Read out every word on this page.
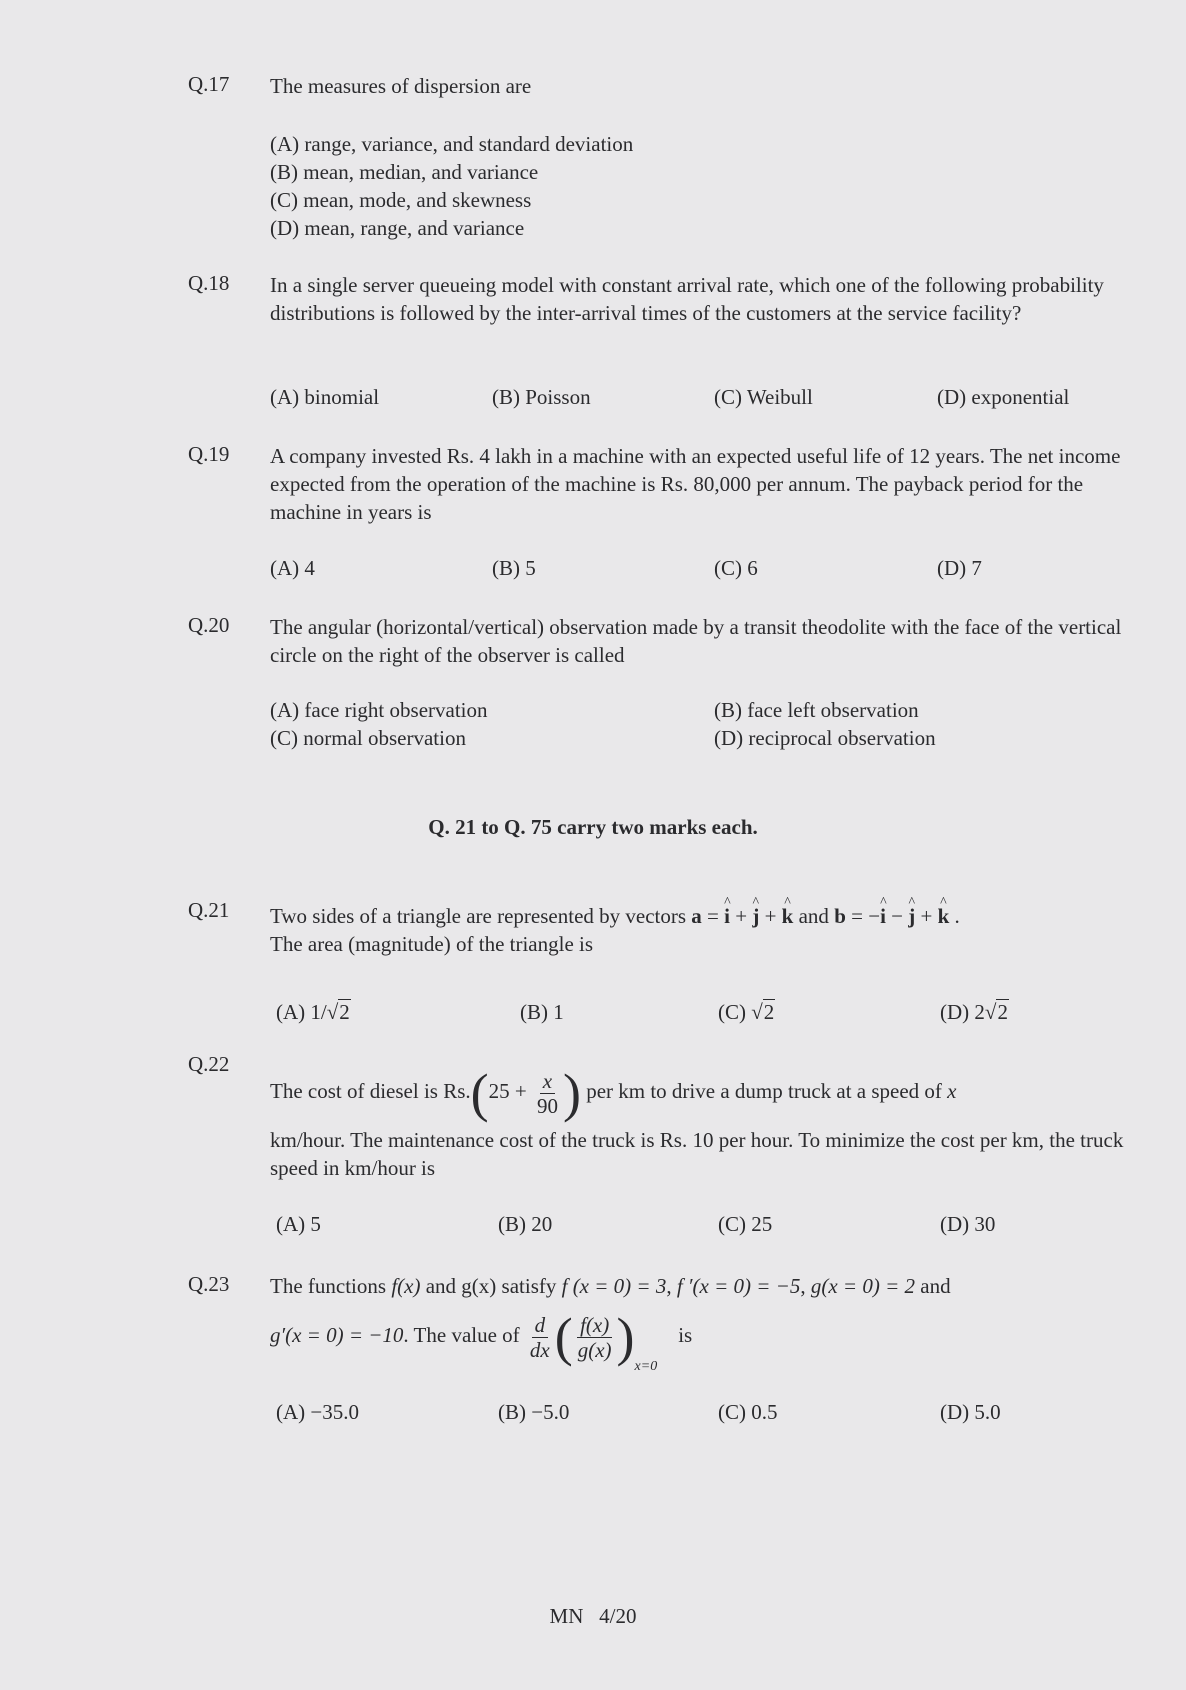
Q.17 The measures of dispersion are
(A) range, variance, and standard deviation
(B) mean, median, and variance
(C) mean, mode, and skewness
(D) mean, range, and variance
Q.18 In a single server queueing model with constant arrival rate, which one of the following probability distributions is followed by the inter-arrival times of the customers at the service facility?
(A) binomial	(B) Poisson	(C) Weibull	(D) exponential
Q.19 A company invested Rs. 4 lakh in a machine with an expected useful life of 12 years. The net income expected from the operation of the machine is Rs. 80,000 per annum. The payback period for the machine in years is
(A) 4	(B) 5	(C) 6	(D) 7
Q.20 The angular (horizontal/vertical) observation made by a transit theodolite with the face of the vertical circle on the right of the observer is called
(A) face right observation	(B) face left observation
(C) normal observation	(D) reciprocal observation
Q. 21 to Q. 75 carry two marks each.
Q.21 Two sides of a triangle are represented by vectors a = ^ i + ^ j + ^ k and b = −^ i − ^ j + ^ k .
The area (magnitude) of the triangle is
(A) 1/√2	(B) 1	(C) √2	(D) 2√2
Q.22
The cost of diesel is $Rs.(25 + \frac{x}{90}$ ) per km to drive a dump truck at a speed of x
km/hour. The maintenance cost of the truck is Rs. 10 per hour. To minimize the cost per km, the truck speed in km/hour is
(A) 5	(B) 20	(C) 25	(D) 30
Q.23 The functions f(x) and g(x) satisfy f (x = 0) = 3, f ′(x = 0) = −5, g(x = 0) = 2 and
g′(x = 0) = −10. The value of $\frac{d}{dx}$ ( $\frac{f(x)}{g(x)} )_{x=0}$    is
(A) −35.0	(B) −5.0	(C) 0.5	(D) 5.0
MN   4/20
